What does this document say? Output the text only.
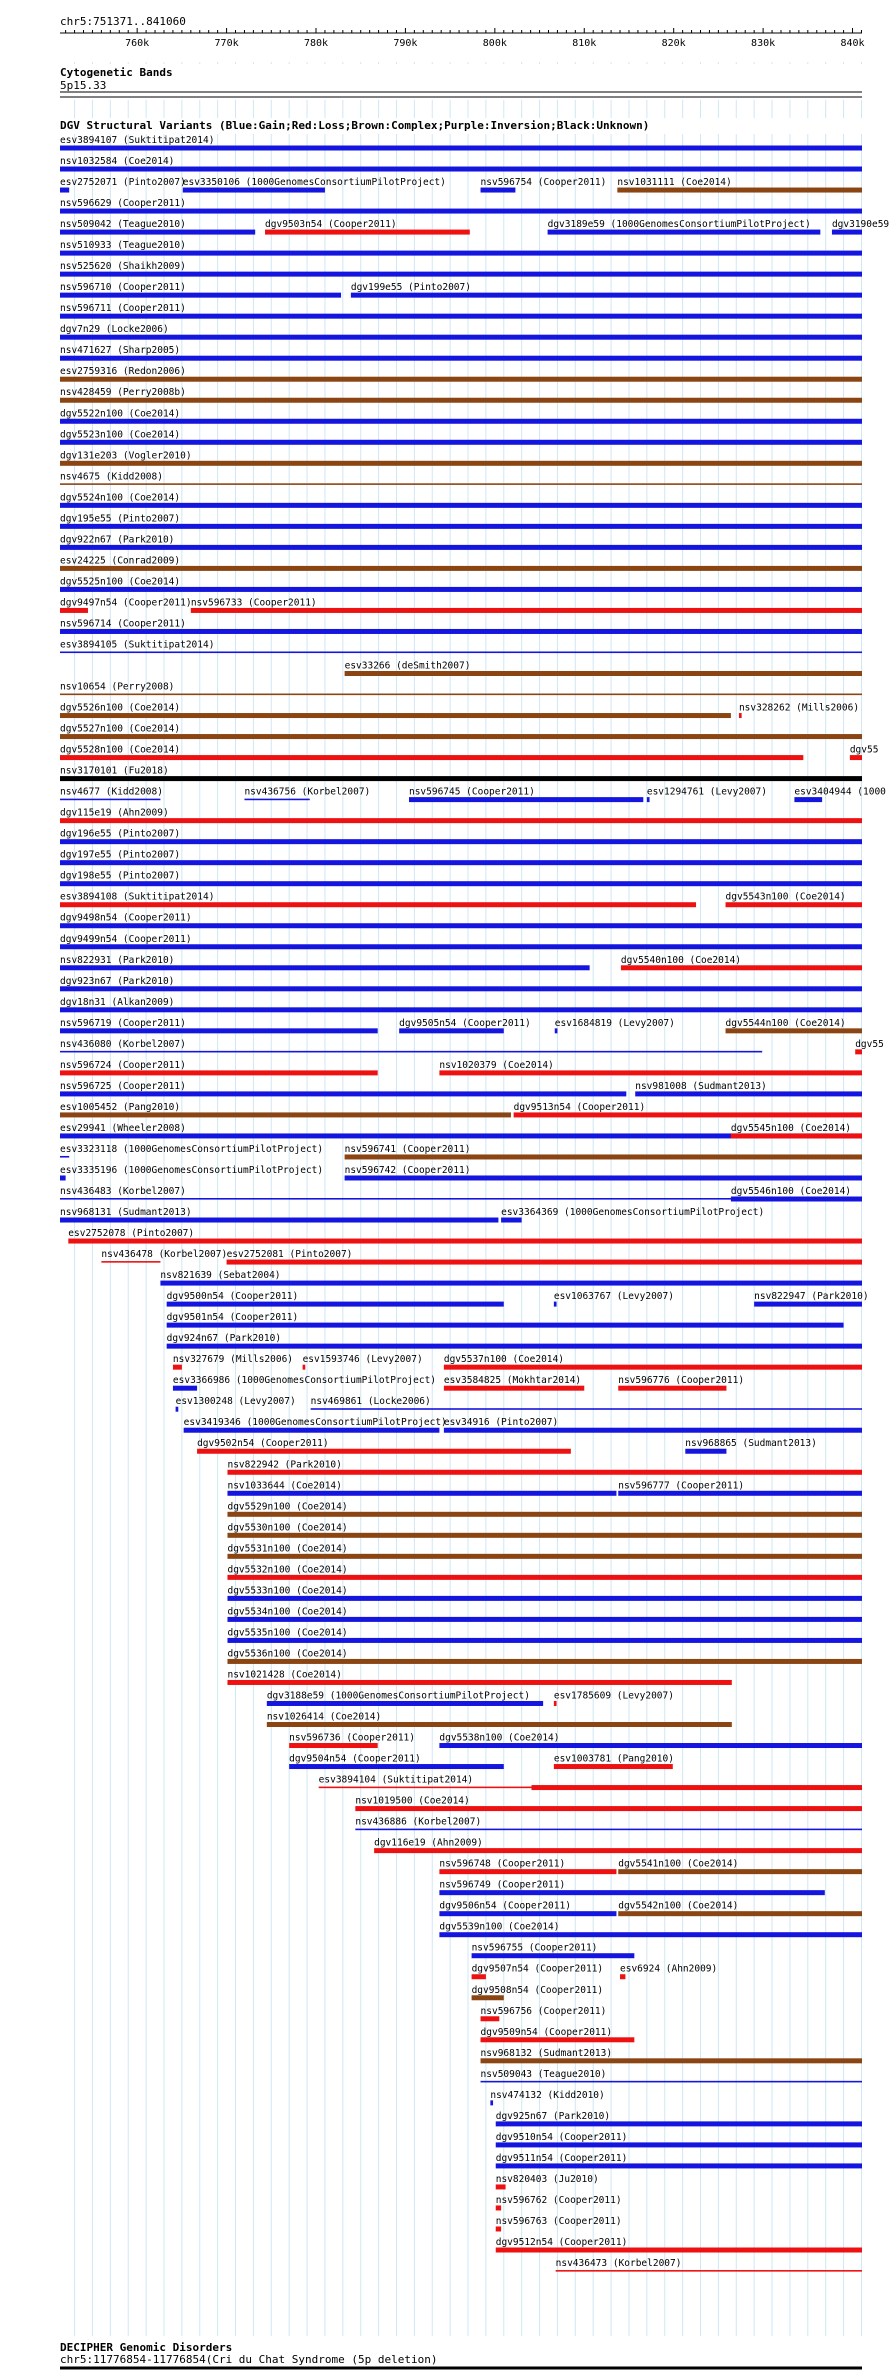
chr5:751371..841060
760k	770k	780k	790k	800k	810k	820k	830k	840k
Cytogenetic Bands
5p15.33
DGV Structural Variants (Blue:Gain;Red:Loss;Brown:Complex;Purple:Inversion;Black:Unknown)
esv3894107 (Suktitipat2014)
nsv1032584 (Coe2014)
esv2752071 (Pinto2007)
esv3350106 (1000GenomesConsortiumPilotProject)	nsv596754 (Cooper2011) nsv1031111 (Coe2014)
nsv596629 (Cooper2011)
nsv509042 (Teague2010)	dgv9503n54 (Cooper2011)	dgv3189e59 (1000GenomesConsortiumPilotProject) dgv3190e59
nsv510933 (Teague2010)
nsv525620 (Shaikh2009)
nsv596710 (Cooper2011)	dgv199e55 (Pinto2007)
nsv596711 (Cooper2011)
dgv7n29 (Locke2006)
nsv471627 (Sharp2005)
esv2759316 (Redon2006)
nsv428459 (Perry2008b)
dgv5522n100 (Coe2014)
dgv5523n100 (Coe2014)
dgv131e203 (Vogler2010)
nsv4675 (Kidd2008)
dgv5524n100 (Coe2014)
dgv195e55 (Pinto2007)
dgv922n67 (Park2010)
esv24225 (Conrad2009)
dgv5525n100 (Coe2014)
dgv9497n54 (Cooper2011) nsv596733 (Cooper2011)
nsv596714 (Cooper2011)
esv3894105 (Suktitipat2014)
esv33266 (deSmith2007)
nsv10654 (Perry2008)
dgv5526n100 (Coe2014)	nsv328262 (Mills2006)
dgv5527n100 (Coe2014)
dgv5528n100 (Coe2014)	dgv55
nsv3170101 (Fu2018)
nsv4677 (Kidd2008)	nsv436756 (Korbel2007)	nsv596745 (Cooper2011)	esv1294761 (Levy2007)	esv3404944 (1000
dgv115e19 (Ahn2009)
dgv196e55 (Pinto2007)
dgv197e55 (Pinto2007)
dgv198e55 (Pinto2007)
esv3894108 (Suktitipat2014)	dgv5543n100 (Coe2014)
dgv9498n54 (Cooper2011)
dgv9499n54 (Cooper2011)
nsv822931 (Park2010)	dgv5540n100 (Coe2014)
dgv923n67 (Park2010)
dgv18n31 (Alkan2009)
nsv596719 (Cooper2011)	dgv9505n54 (Cooper2011)	esv1684819 (Levy2007)	dgv5544n100 (Coe2014)
nsv436080 (Korbel2007)	dgv55
nsv596724 (Cooper2011)	nsv1020379 (Coe2014)
nsv596725 (Cooper2011)	nsv981008 (Sudmant2013)
esv1005452 (Pang2010)	dgv9513n54 (Cooper2011)
esv29941 (Wheeler2008)	dgv5545n100 (Coe2014)
esv3323118 (1000GenomesConsortiumPilotProject) nsv596741 (Cooper2011)
esv3335196 (1000GenomesConsortiumPilotProject) nsv596742 (Cooper2011)
nsv436483 (Korbel2007)	dgv5546n100 (Coe2014)
nsv968131 (Sudmant2013)	esv3364369 (1000GenomesConsortiumPilotProject)
esv2752078 (Pinto2007)
nsv436478 (Korbel2007) esv2752081 (Pinto2007)
nsv821639 (Sebat2004)
dgv9500n54 (Cooper2011)	esv1063767 (Levy2007)	nsv822947 (Park2010)
dgv9501n54 (Cooper2011)
dgv924n67 (Park2010)
nsv327679 (Mills2006) esv1593746 (Levy2007) dgv5537n100 (Coe2014)
esv3366986 (1000GenomesConsortiumPilotProject) esv3584825 (Mokhtar2014)	nsv596776 (Cooper2011)
esv1300248 (Levy2007) nsv469861 (Locke2006)
esv3419346 (1000GenomesConsortiumPilotProject)
esv34916 (Pinto2007)
dgv9502n54 (Cooper2011)	nsv968865 (Sudmant2013)
nsv822942 (Park2010)
nsv1033644 (Coe2014)	nsv596777 (Cooper2011)
dgv5529n100 (Coe2014)
dgv5530n100 (Coe2014)
dgv5531n100 (Coe2014)
dgv5532n100 (Coe2014)
dgv5533n100 (Coe2014)
dgv5534n100 (Coe2014)
dgv5535n100 (Coe2014)
dgv5536n100 (Coe2014)
nsv1021428 (Coe2014)
dgv3188e59 (1000GenomesConsortiumPilotProject)	esv1785609 (Levy2007)
nsv1026414 (Coe2014)
nsv596736 (Cooper2011)	dgv5538n100 (Coe2014)
dgv9504n54 (Cooper2011)	esv1003781 (Pang2010)
esv3894104 (Suktitipat2014)
nsv1019500 (Coe2014)
nsv436886 (Korbel2007)
dgv116e19 (Ahn2009)
nsv596748 (Cooper2011)	dgv5541n100 (Coe2014)
nsv596749 (Cooper2011)
dgv9506n54 (Cooper2011)	dgv5542n100 (Coe2014)
dgv5539n100 (Coe2014)
nsv596755 (Cooper2011)
dgv9507n54 (Cooper2011) esv6924 (Ahn2009)
dgv9508n54 (Cooper2011)
nsv596756 (Cooper2011)
dgv9509n54 (Cooper2011)
nsv968132 (Sudmant2013)
nsv509043 (Teague2010)
nsv474132 (Kidd2010)
dgv925n67 (Park2010)
dgv9510n54 (Cooper2011)
dgv9511n54 (Cooper2011)
nsv820403 (Ju2010)
nsv596762 (Cooper2011)
nsv596763 (Cooper2011)
dgv9512n54 (Cooper2011)
nsv436473 (Korbel2007)
DECIPHER Genomic Disorders
chr5:11776854-11776854(Cri du Chat Syndrome (5p deletion)
